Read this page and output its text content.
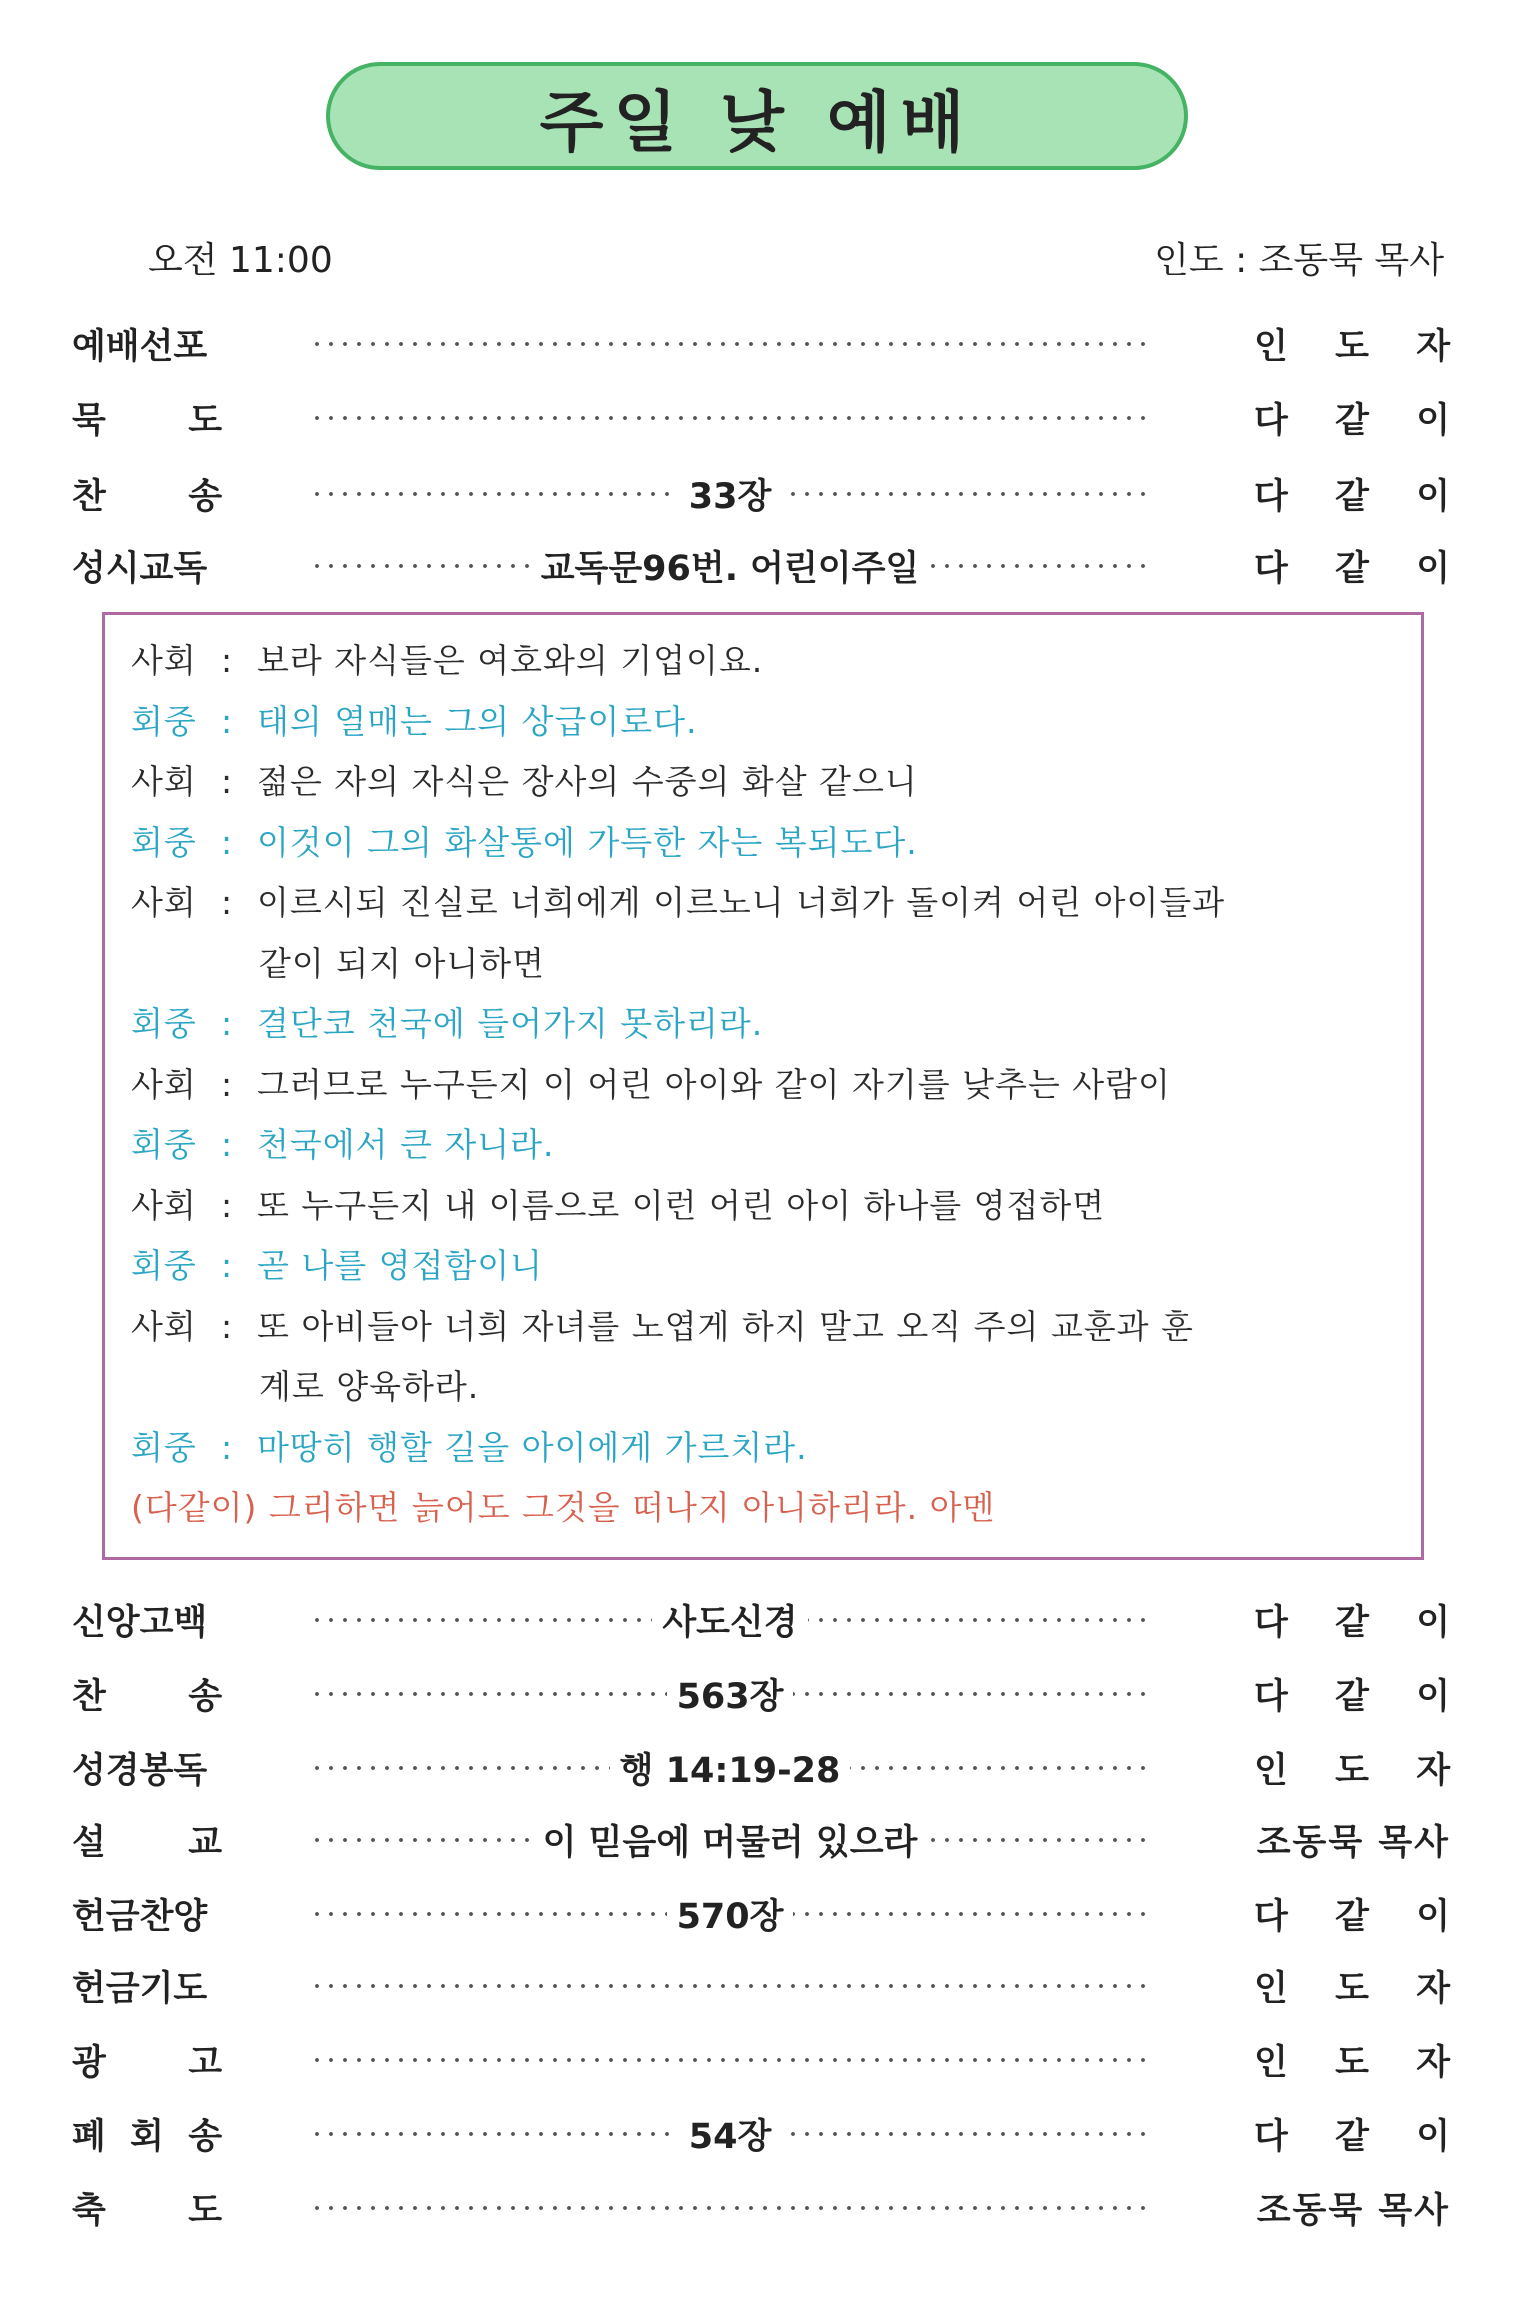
주일 낮 예배
오전 11:00	인도 : 조동묵 목사
예배선포	인 도 자
묵 도	다 같 이
찬 송	33장	다 같 이
성시교독	교독문96번. 어린이주일	다 같 이
사회 : 보라 자식들은 여호와의 기업이요.
회중 : 태의 열매는 그의 상급이로다.
사회 : 젊은 자의 자식은 장사의 수중의 화살 같으니
회중 : 이것이 그의 화살통에 가득한 자는 복되도다.
사회 : 이르시되 진실로 너희에게 이르노니 너희가 돌이켜 어린 아이들과
같이 되지 아니하면
회중 : 결단코 천국에 들어가지 못하리라.
사회 : 그러므로 누구든지 이 어린 아이와 같이 자기를 낮추는 사람이
회중 : 천국에서 큰 자니라.
사회 : 또 누구든지 내 이름으로 이런 어린 아이 하나를 영접하면
회중 : 곧 나를 영접함이니
사회 : 또 아비들아 너희 자녀를 노엽게 하지 말고 오직 주의 교훈과 훈
계로 양육하라.
회중 : 마땅히 행할 길을 아이에게 가르치라.
(다같이) 그리하면 늙어도 그것을 떠나지 아니하리라. 아멘
신앙고백	사도신경	다 같 이
찬 송	563장	다 같 이
성경봉독	행 14:19-28	인 도 자
설 교	이 믿음에 머물러 있으라	조동묵 목사
헌금찬양	570장	다 같 이
헌금기도	인 도 자
광 고	인 도 자
폐 회 송	54장	다 같 이
축 도	조동묵 목사
